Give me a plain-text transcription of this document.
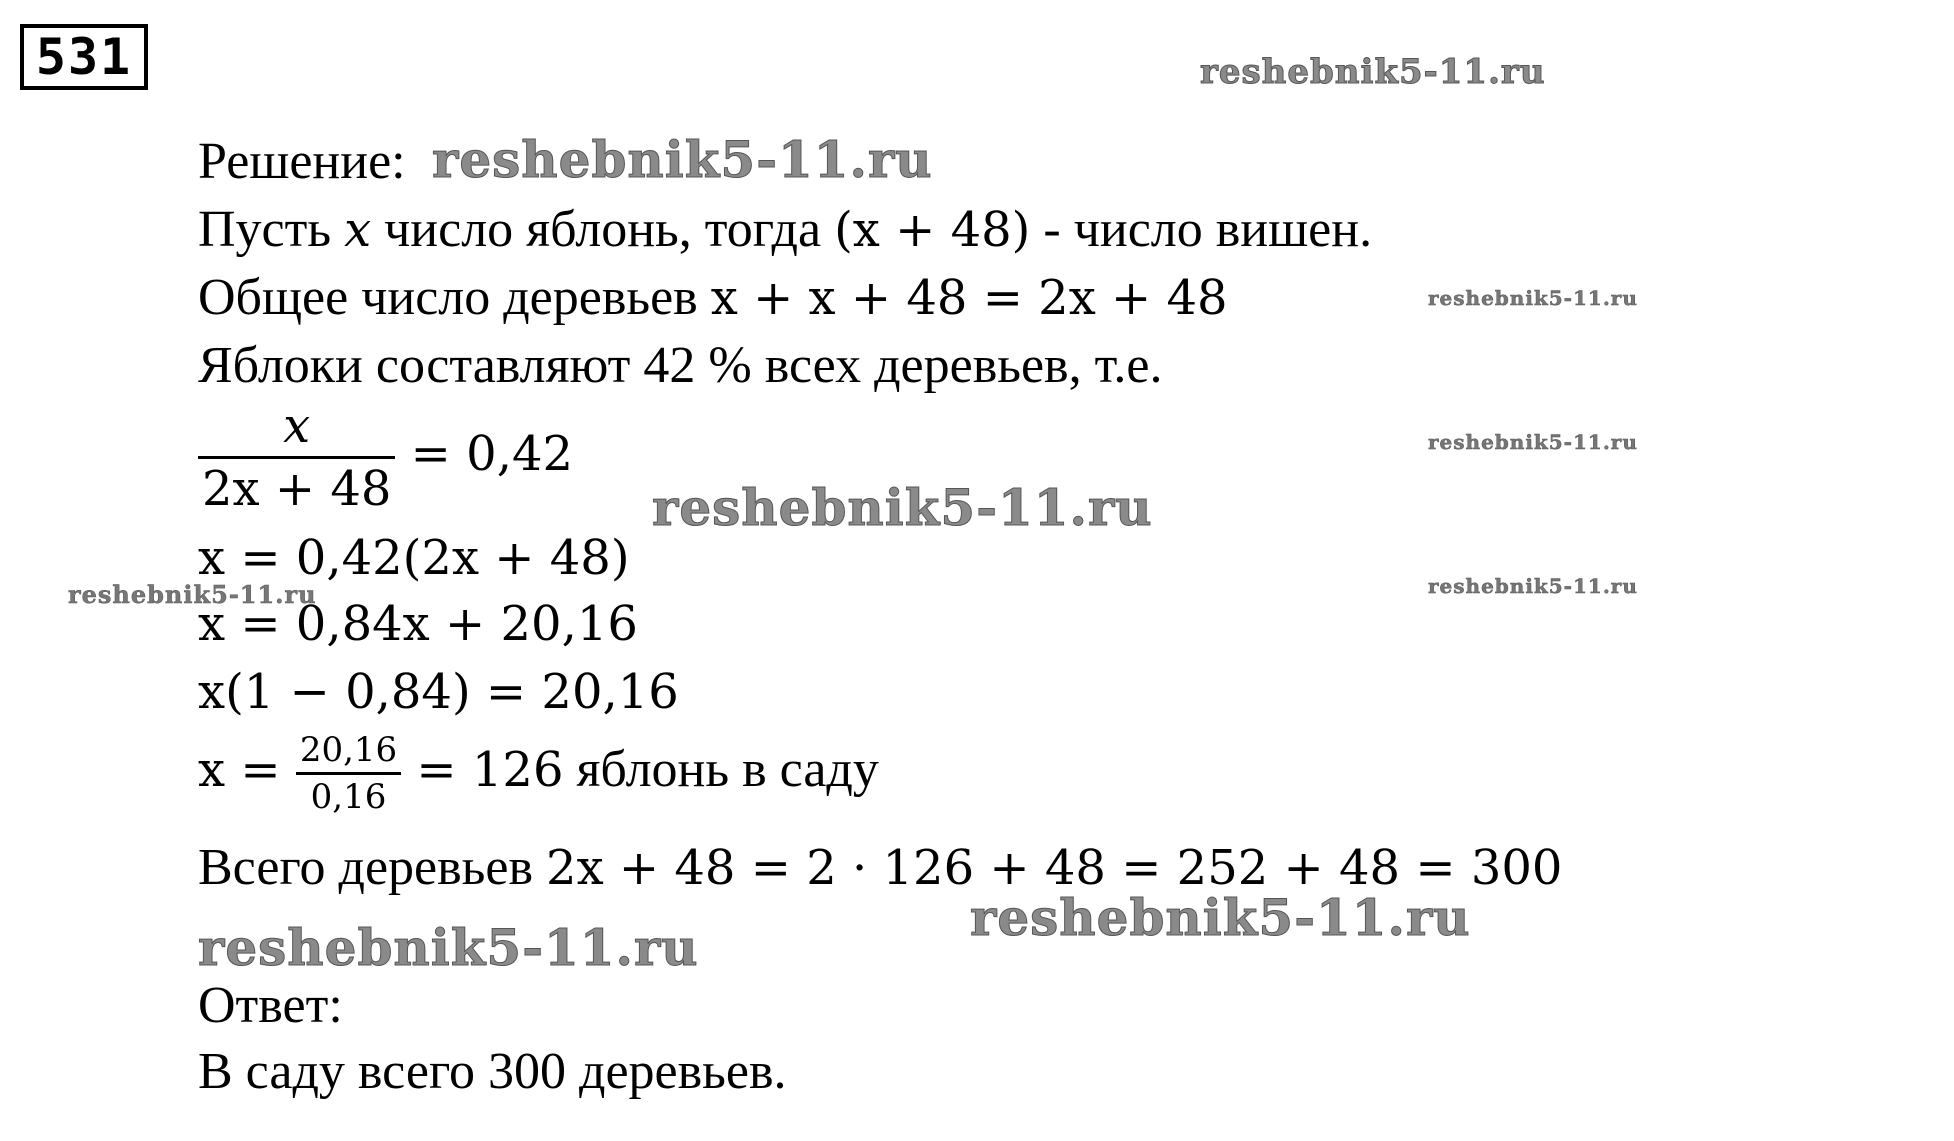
531	reshebnik5-11.ru
reshebnik5-11.ru
reshebnik5-11.ru
reshebnik5-11.ru
reshebnik5-11.ru
reshebnik5-11.ru
reshebnik5-11.ru
reshebnik5-11.ru
reshebnik5-11.ru
Решение:
Пусть x число яблонь, тогда (x + 48) - число вишен.
Общее число деревьев x + x + 48 = 2x + 48
Яблоки составляют 42 % всех деревьев, т.е.
$\frac{x}{2x + 48} = 0,42$
x = 0,42(2x + 48)
x = 0,84x + 20,16
x(1 − 0,84) = 20,16
$x = \frac{20,16}{0,16} = 126$ яблонь в саду
Всего деревьев 2x + 48 = 2 · 126 + 48 = 252 + 48 = 300
Ответ:
В саду всего 300 деревьев.
